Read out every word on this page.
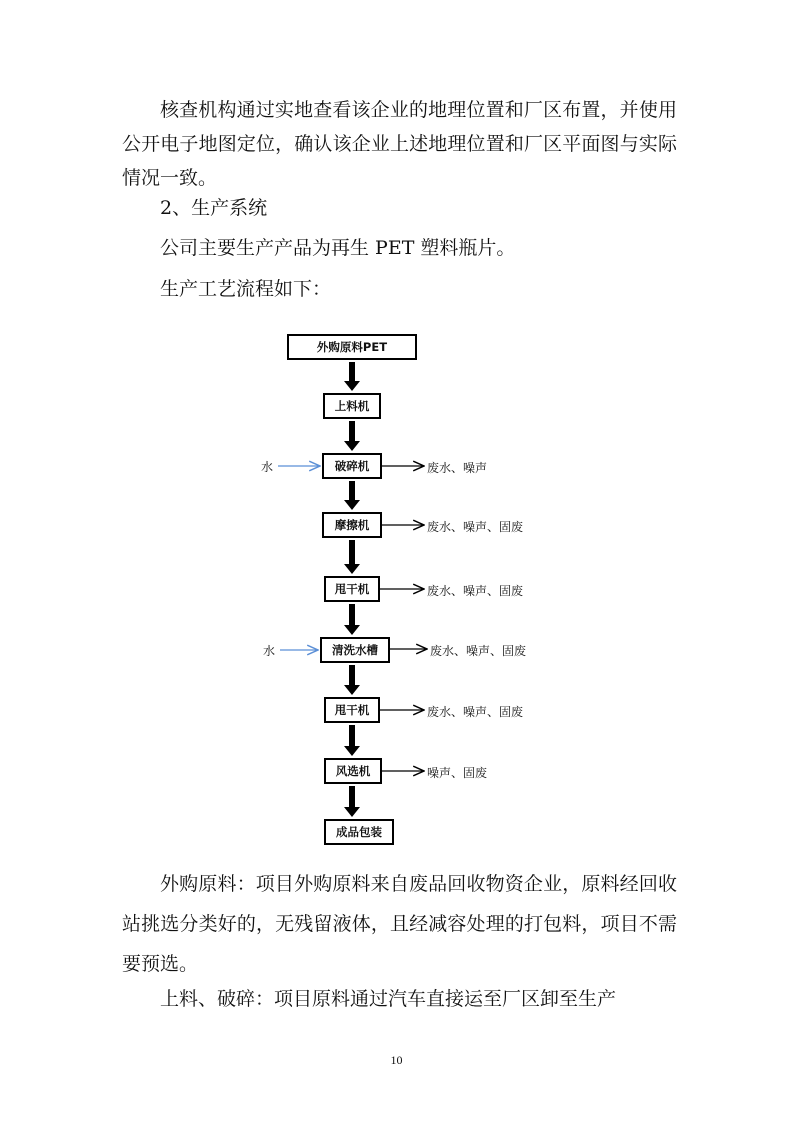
核查机构通过实地查看该企业的地理位置和厂区布置，并使用公开电子地图定位，确认该企业上述地理位置和厂区平面图与实际情况一致。

2、生产系统
公司主要生产产品为再生 PET 塑料瓶片。
生产工艺流程如下：
外购原料PET
上料机
破碎机
摩擦机
甩干机
清洗水槽
甩干机
风选机
成品包装
水
水
废水、噪声
废水、噪声、固废
废水、噪声、固废
废水、噪声、固废
废水、噪声、固废
噪声、固废

外购原料：项目外购原料来自废品回收物资企业，原料经回收站挑选分类好的，无残留液体，且经减容处理的打包料，项目不需要预选。

上料、破碎：项目原料通过汽车直接运至厂区卸至生产
10
